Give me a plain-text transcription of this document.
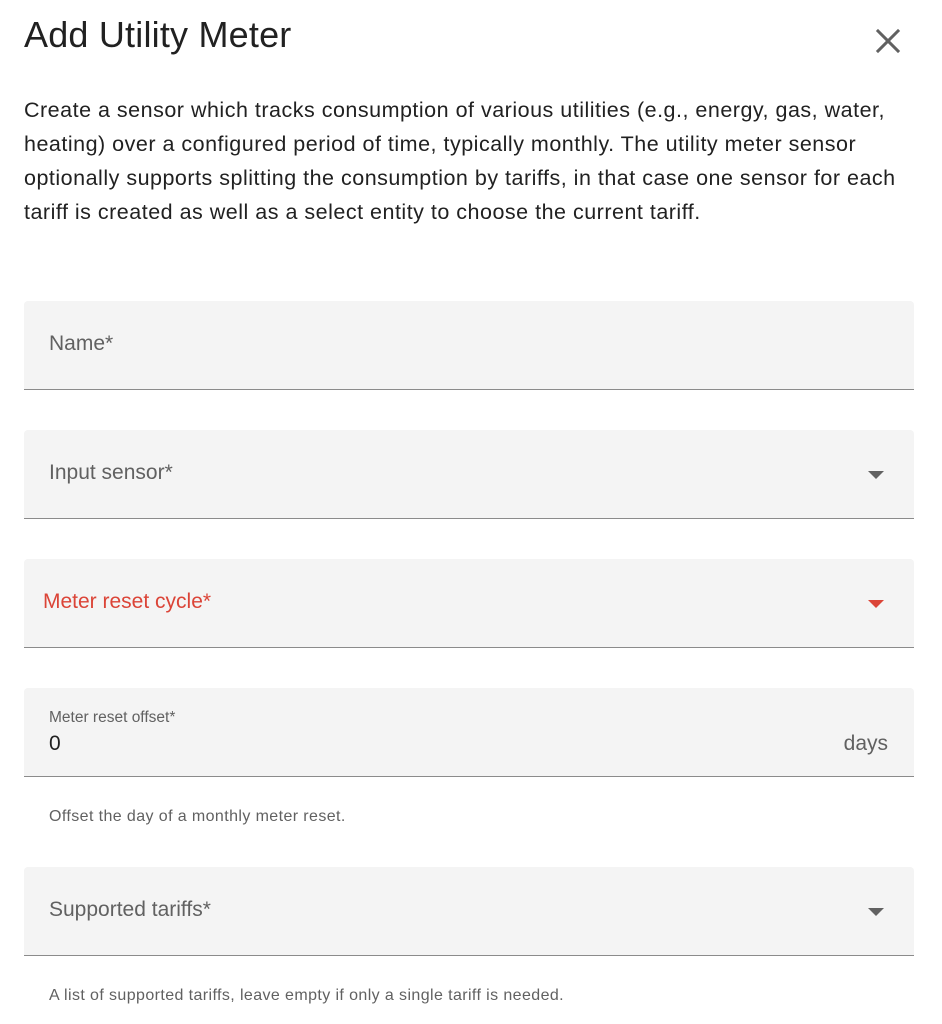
Add Utility Meter

Create a sensor which tracks consumption of various utilities (e.g., energy, gas, water, heating) over a configured period of time, typically monthly. The utility meter sensor optionally supports splitting the consumption by tariffs, in that case one sensor for each tariff is created as well as a select entity to choose the current tariff.

Name*
Input sensor*
Meter reset cycle*
Meter reset offset*
0	days
Offset the day of a monthly meter reset.
Supported tariffs*
A list of supported tariffs, leave empty if only a single tariff is needed.
